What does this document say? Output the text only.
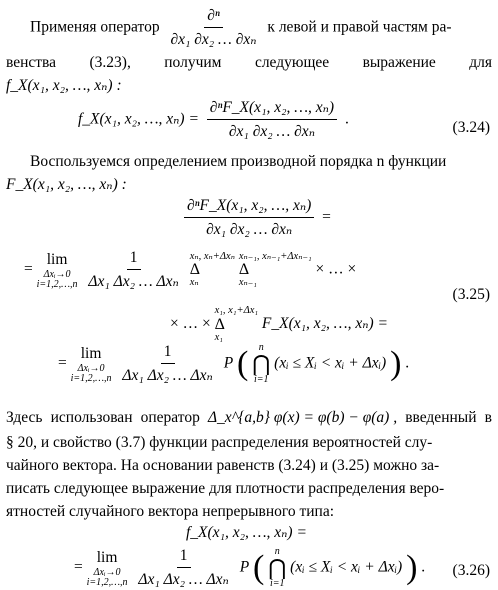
Применяя оператор $\frac{\text{∂ⁿ}}{\text{∂x₁ ∂x₂ … ∂xₙ}}$ к левой и правой частям ра-
венства (3.23), получим следующее выражение для
f_X(x₁, x₂, …, xₙ) :
f_X(x₁, x₂, …, $x_n) = \frac{\text{∂ⁿF\_X(x₁, x₂, …, xₙ)}}{\text{∂x₁ ∂x₂ … ∂xₙ}}$ .	(3.24)
Воспользуемся определением производной порядка n функции
F_X(x₁, x₂, …, xₙ) :
$\frac{\text{∂ⁿF\_X(x₁, x₂, …, xₙ)}}{\text{∂x₁ ∂x₂ … ∂xₙ}}$ =
=
lim
Δxᵢ→0
i=1,2,…,n
$\frac{1}{\text{Δx₁ Δx₂ … Δxₙ}}$
xₙ, xₙ+Δxₙ
Δ
xₙ

xₙ₋₁, xₙ₋₁+Δxₙ₋₁
Δ
xₙ₋₁
× … ×
(3.25)
× … ×
x₁, x₁+Δx₁
Δ
x₁
F_X(x₁, x₂, …, xₙ) =
=
lim
Δxᵢ→0
i=1,2,…,n
$\frac{1}{\text{Δx₁ Δx₂ … Δxₙ}}$ P ( n
⋂
i=1
(xᵢ ≤ Xᵢ < xᵢ + Δxᵢ) ) .
Здесь использован оператор Δ_x^{a,b} φ(x) = φ(b) − φ(a) , введенный в
§ 20, и свойство (3.7) функции распределения вероятностей слу-
чайного вектора. На основании равенств (3.24) и (3.25) можно за-
писать следующее выражение для плотности распределения веро-
ятностей случайного вектора непрерывного типа:
f_X(x₁, x₂, …, xₙ) =
=
lim
Δxᵢ→0
i=1,2,…,n
$\frac{1}{\text{Δx₁ Δx₂ … Δxₙ}}$ P ( n
⋂
i=1
(xᵢ ≤ Xᵢ < xᵢ + Δxᵢ) ) . (3.26)
